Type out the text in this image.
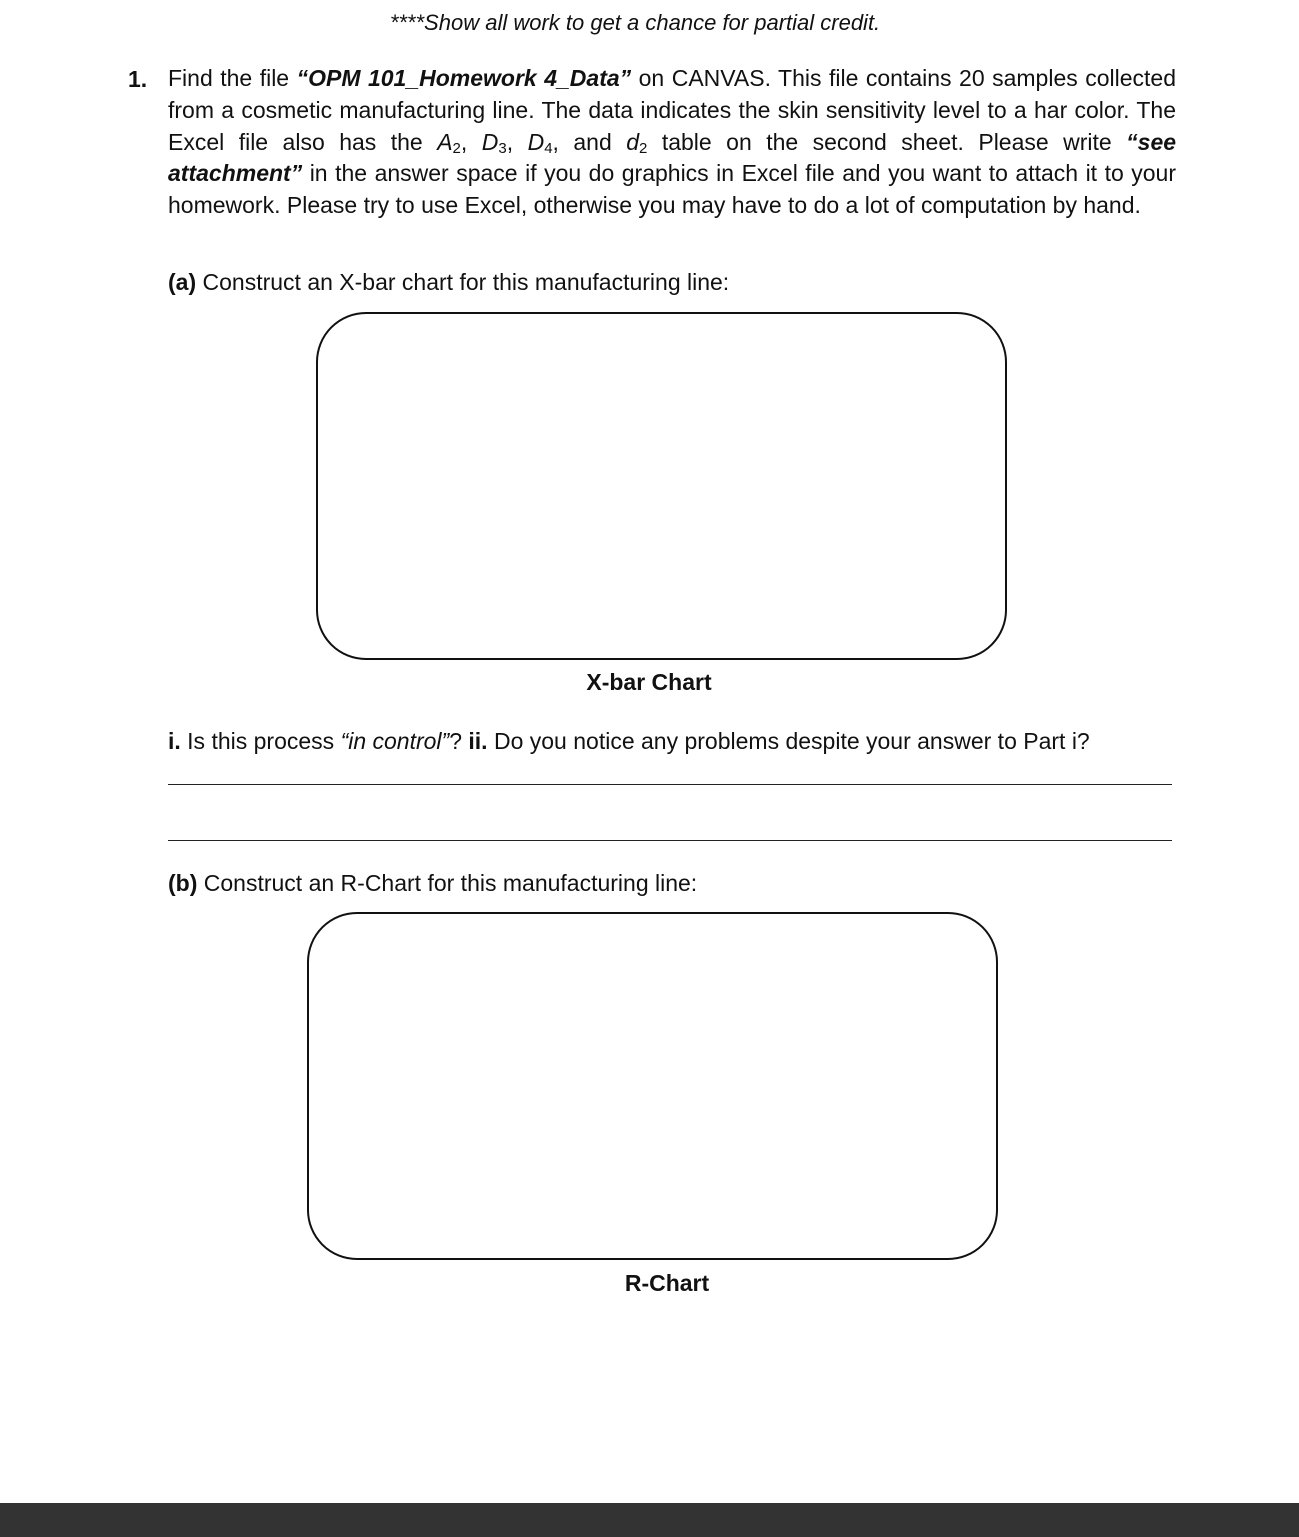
****Show all work to get a chance for partial credit.
1. Find the file “OPM 101_Homework 4_Data” on CANVAS. This file contains 20 samples collected from a cosmetic manufacturing line. The data indicates the skin sensitivity level to a har color. The Excel file also has the $A_2$, $D_3$, $D_4$, and $d_2$ table on the second sheet. Please write “see attachment” in the answer space if you do graphics in Excel file and you want to attach it to your homework. Please try to use Excel, otherwise you may have to do a lot of computation by hand.
(a) Construct an X-bar chart for this manufacturing line:
X-bar Chart
i. Is this process “in control”? ii. Do you notice any problems despite your answer to Part i?
(b) Construct an R-Chart for this manufacturing line:
R-Chart
